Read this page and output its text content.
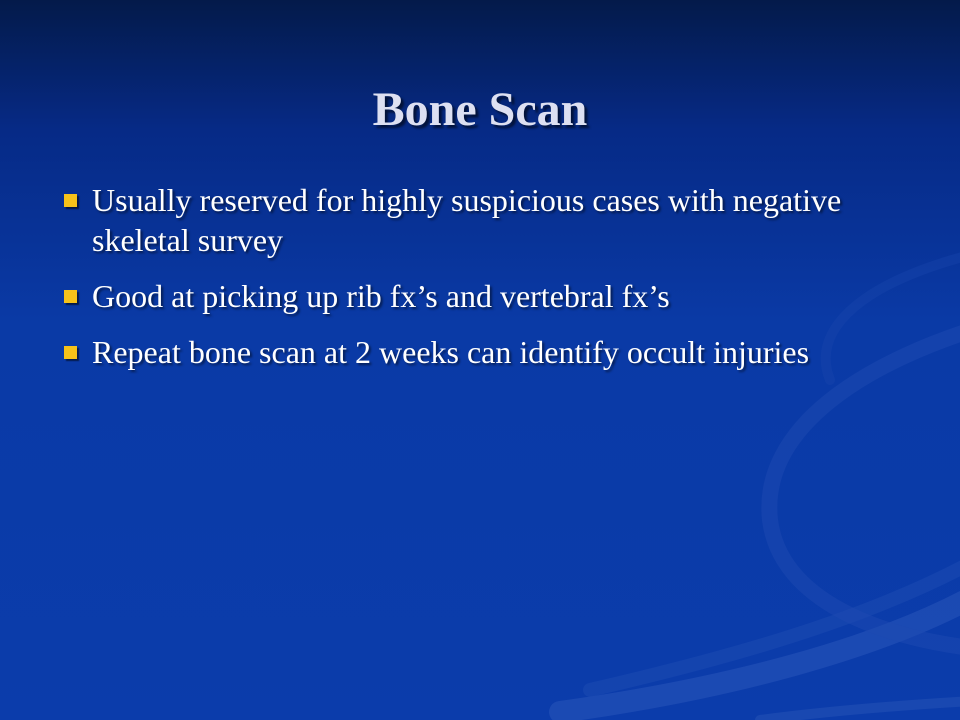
Bone Scan
Usually reserved for highly suspicious cases with negative skeletal survey
Good at picking up rib fx’s and vertebral fx’s
Repeat bone scan at 2 weeks can identify occult injuries
